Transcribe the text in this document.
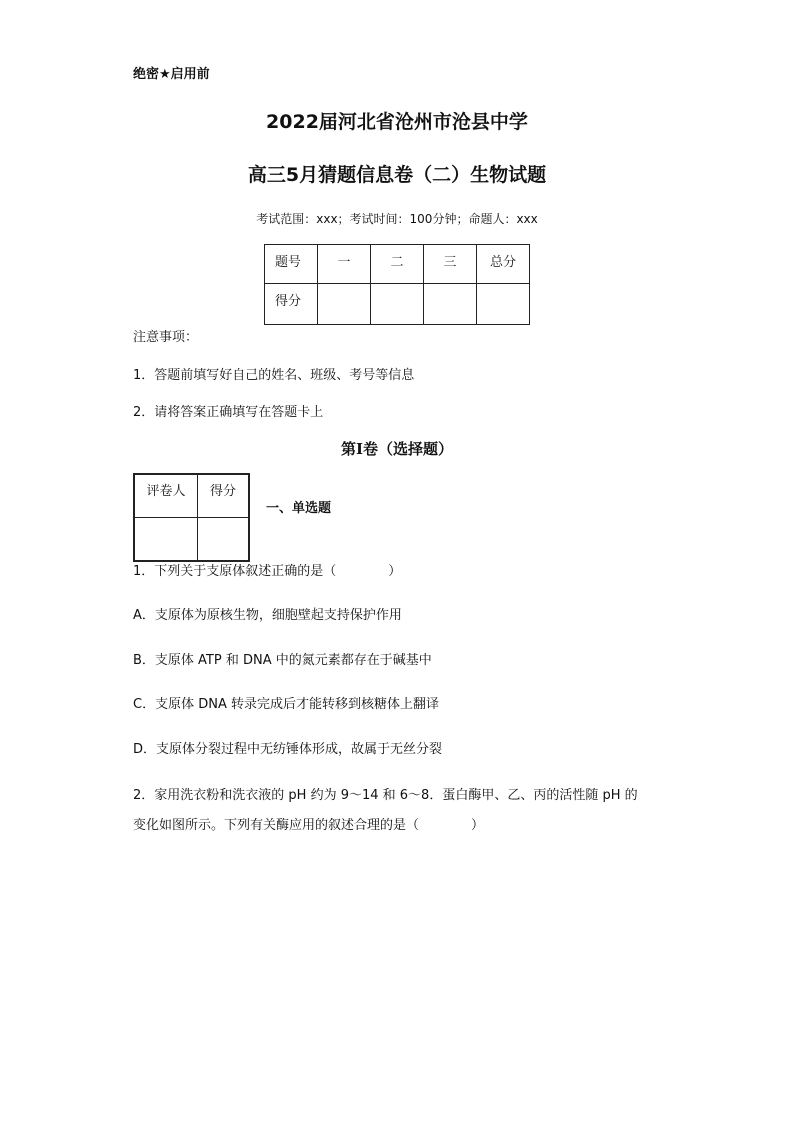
绝密★启用前
2022届河北省沧州市沧县中学
高三5月猜题信息卷（二）生物试题
考试范围：xxx；考试时间：100分钟；命题人：xxx
题号	一	二	三	总分
得分				
注意事项：
1．答题前填写好自己的姓名、班级、考号等信息
2．请将答案正确填写在答题卡上
第I卷（选择题）
评卷人	得分

一、单选题
1．下列关于支原体叙述正确的是（　　　　）
A．支原体为原核生物，细胞壁起支持保护作用
B．支原体 ATP 和 DNA 中的氮元素都存在于碱基中
C．支原体 DNA 转录完成后才能转移到核糖体上翻译
D．支原体分裂过程中无纺锤体形成，故属于无丝分裂
2．家用洗衣粉和洗衣液的 pH 约为 9～14 和 6～8．蛋白酶甲、乙、丙的活性随 pH 的
变化如图所示。下列有关酶应用的叙述合理的是（　　　　）
